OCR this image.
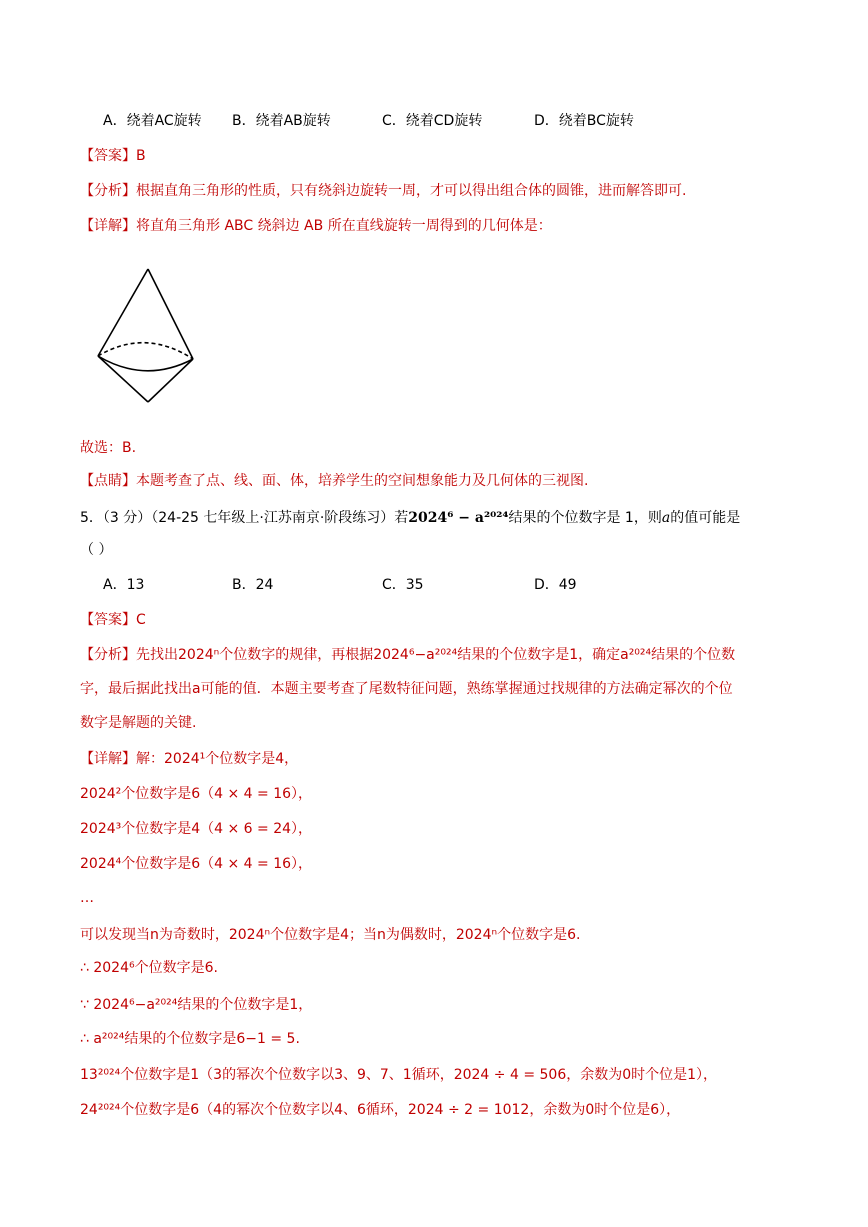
A．绕着AC旋转 B．绕着AB旋转	C．绕着CD旋转	D．绕着BC旋转
【答案】B
【分析】根据直角三角形的性质，只有绕斜边旋转一周，才可以得出组合体的圆锥，进而解答即可.
【详解】将直角三角形 ABC 绕斜边 AB 所在直线旋转一周得到的几何体是：
故选：B.
【点睛】本题考查了点、线、面、体，培养学生的空间想象能力及几何体的三视图.
5．（3 分）（24-25 七年级上·江苏南京·阶段练习）若2024⁶ − a²⁰²⁴结果的个位数字是 1，则a的值可能是
（ ）
A．13	B．24	C．35	D．49
【答案】C
【分析】先找出2024ⁿ个位数字的规律，再根据2024⁶−a²⁰²⁴结果的个位数字是1，确定a²⁰²⁴结果的个位数
字，最后据此找出a可能的值．本题主要考查了尾数特征问题，熟练掌握通过找规律的方法确定幂次的个位
数字是解题的关键.
【详解】解：2024¹个位数字是4，
2024²个位数字是6（4 × 4 = 16），
2024³个位数字是4（4 × 6 = 24），
2024⁴个位数字是6（4 × 4 = 16），
…
可以发现当n为奇数时，2024ⁿ个位数字是4；当n为偶数时，2024ⁿ个位数字是6.
∴ 2024⁶个位数字是6.
∵ 2024⁶−a²⁰²⁴结果的个位数字是1，
∴ a²⁰²⁴结果的个位数字是6−1 = 5.
13²⁰²⁴个位数字是1（3的幂次个位数字以3、9、7、1循环，2024 ÷ 4 = 506，余数为0时个位是1），
24²⁰²⁴个位数字是6（4的幂次个位数字以4、6循环，2024 ÷ 2 = 1012，余数为0时个位是6），
